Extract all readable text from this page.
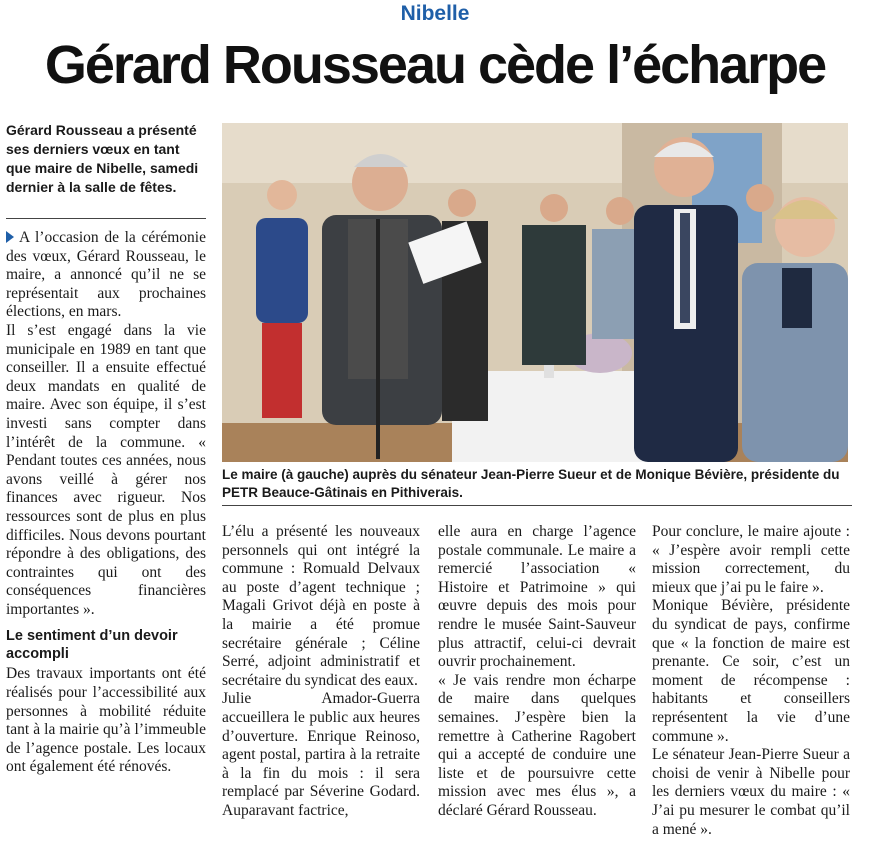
Nibelle
Gérard Rousseau cède l’écharpe
Gérard Rousseau a présenté ses derniers vœux en tant que maire de Nibelle, samedi dernier à la salle de fêtes.

A l’occasion de la cérémonie des vœux, Gérard Rousseau, le maire, a annoncé qu’il ne se représentait aux prochaines élections, en mars.

Il s’est engagé dans la vie municipale en 1989 en tant que conseiller. Il a ensuite effectué deux mandats en qualité de maire. Avec son équipe, il s’est investi sans compter dans l’intérêt de la commune. « Pendant toutes ces années, nous avons veillé à gérer nos finances avec rigueur. Nos ressources sont de plus en plus difficiles. Nous devons pourtant répondre à des obligations, des contraintes qui ont des conséquences financières importantes ».

Le sentiment d’un devoir accompli

Des travaux importants ont été réalisés pour l’accessibilité aux personnes à mobilité réduite tant à la mairie qu’à l’immeuble de l’agence postale. Les locaux ont également été rénovés.

Le maire (à gauche) auprès du sénateur Jean-Pierre Sueur et de Monique Bévière, présidente du PETR Beauce-Gâtinais en Pithiverais.

L’élu a présenté les nouveaux personnels qui ont intégré la commune : Romuald Delvaux au poste d’agent technique ; Magali Grivot déjà en poste à la mairie a été promue secrétaire générale ; Céline Serré, adjoint administratif et secrétaire du syndicat des eaux.

Julie Amador-Guerra accueillera le public aux heures d’ouverture. Enrique Reinoso, agent postal, partira à la retraite à la fin du mois : il sera remplacé par Séverine Godard. Auparavant factrice,

elle aura en charge l’agence postale communale. Le maire a remercié l’association « Histoire et Patrimoine » qui œuvre depuis des mois pour rendre le musée Saint-Sauveur plus attractif, celui-ci devrait ouvrir prochainement.

« Je vais rendre mon écharpe de maire dans quelques semaines. J’espère bien la remettre à Catherine Ragobert qui a accepté de conduire une liste et de poursuivre cette mission avec mes élus », a déclaré Gérard Rousseau.

Pour conclure, le maire ajoute : « J’espère avoir rempli cette mission correctement, du mieux que j’ai pu le faire ».

Monique Bévière, présidente du syndicat de pays, confirme que « la fonction de maire est prenante. Ce soir, c’est un moment de récompense : habitants et conseillers représentent la vie d’une commune ».

Le sénateur Jean-Pierre Sueur a choisi de venir à Nibelle pour les derniers vœux du maire : « J’ai pu mesurer le combat qu’il a mené ».
